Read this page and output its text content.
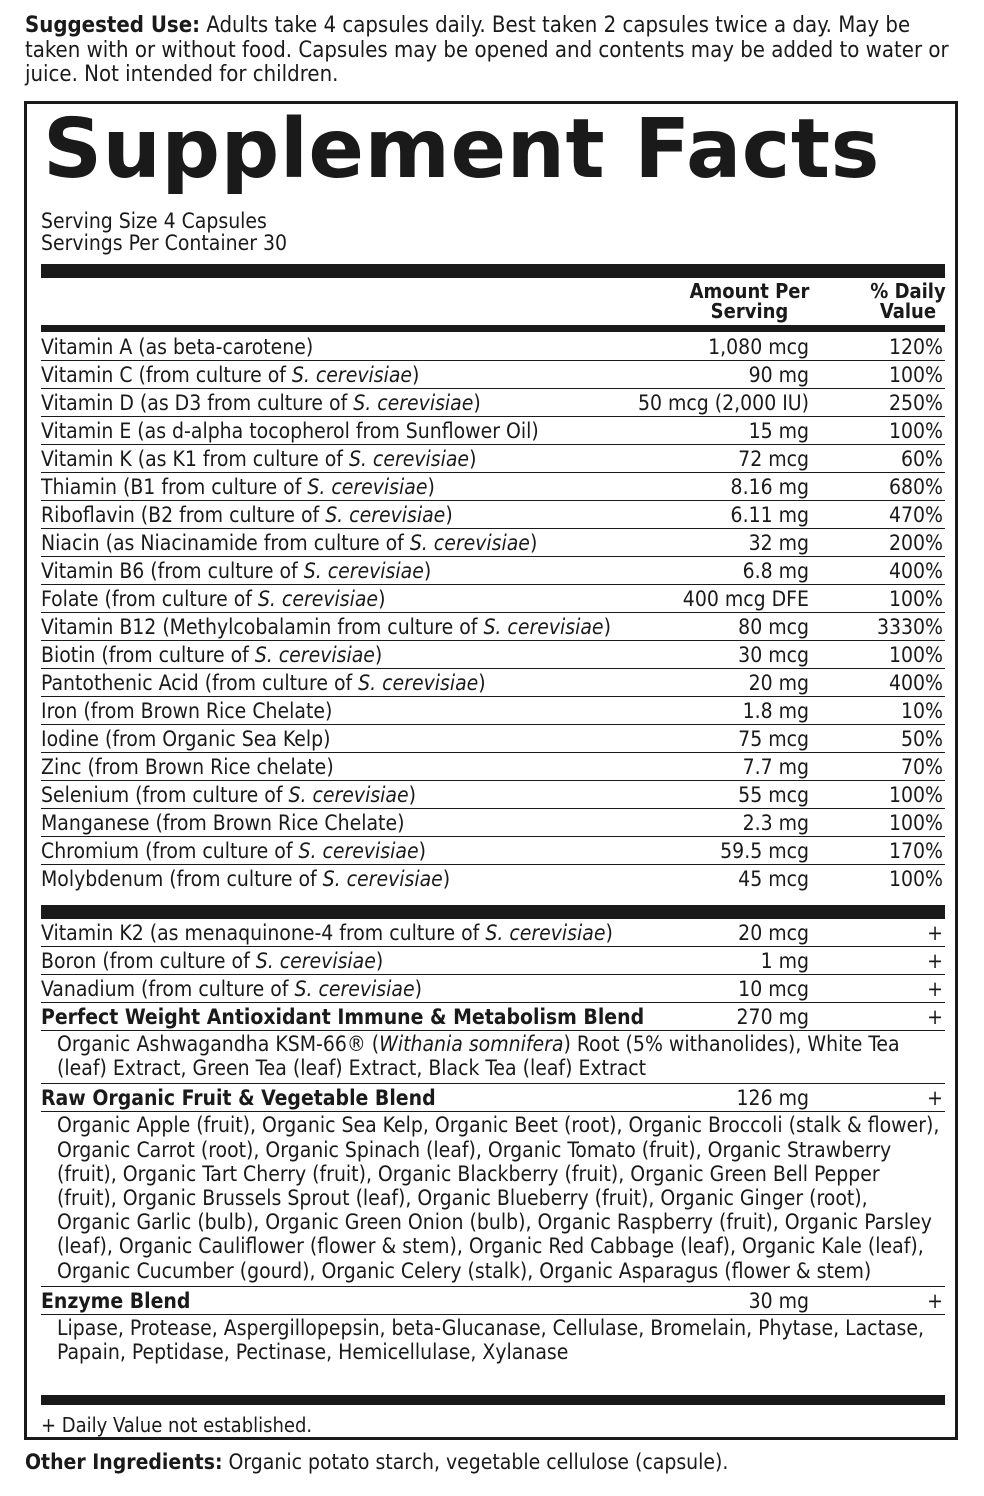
Suggested Use: Adults take 4 capsules daily. Best taken 2 capsules twice a day. May be taken with or without food. Capsules may be opened and contents may be added to water or juice. Not intended for children.
Supplement Facts
Serving Size 4 Capsules
Servings Per Container 30
Amount Per
Serving
% Daily
Value
Vitamin A (as beta-carotene)	1,080 mcg	120%
Vitamin C (from culture of S. cerevisiae)	90 mg	100%
Vitamin D (as D3 from culture of S. cerevisiae)	50 mcg (2,000 IU)	250%
Vitamin E (as d-alpha tocopherol from Sunflower Oil)	15 mg	100%
Vitamin K (as K1 from culture of S. cerevisiae)	72 mcg	60%
Thiamin (B1 from culture of S. cerevisiae)	8.16 mg	680%
Riboflavin (B2 from culture of S. cerevisiae)	6.11 mg	470%
Niacin (as Niacinamide from culture of S. cerevisiae)	32 mg	200%
Vitamin B6 (from culture of S. cerevisiae)	6.8 mg	400%
Folate (from culture of S. cerevisiae)	400 mcg DFE	100%
Vitamin B12 (Methylcobalamin from culture of S. cerevisiae)	80 mcg	3330%
Biotin (from culture of S. cerevisiae)	30 mcg	100%
Pantothenic Acid (from culture of S. cerevisiae)	20 mg	400%
Iron (from Brown Rice Chelate)	1.8 mg	10%
Iodine (from Organic Sea Kelp)	75 mcg	50%
Zinc (from Brown Rice chelate)	7.7 mg	70%
Selenium (from culture of S. cerevisiae)	55 mcg	100%
Manganese (from Brown Rice Chelate)	2.3 mg	100%
Chromium (from culture of S. cerevisiae)	59.5 mcg	170%
Molybdenum (from culture of S. cerevisiae)	45 mcg	100%
Vitamin K2 (as menaquinone-4 from culture of S. cerevisiae)	20 mcg	+
Boron (from culture of S. cerevisiae)	1 mg	+
Vanadium (from culture of S. cerevisiae)	10 mcg	+
Perfect Weight Antioxidant Immune & Metabolism Blend	270 mg	+
Organic Ashwagandha KSM-66® (Withania somnifera) Root (5% withanolides), White Tea (leaf) Extract, Green Tea (leaf) Extract, Black Tea (leaf) Extract
Raw Organic Fruit & Vegetable Blend	126 mg	+
Organic Apple (fruit), Organic Sea Kelp, Organic Beet (root), Organic Broccoli (stalk & flower), Organic Carrot (root), Organic Spinach (leaf), Organic Tomato (fruit), Organic Strawberry (fruit), Organic Tart Cherry (fruit), Organic Blackberry (fruit), Organic Green Bell Pepper (fruit), Organic Brussels Sprout (leaf), Organic Blueberry (fruit), Organic Ginger (root), Organic Garlic (bulb), Organic Green Onion (bulb), Organic Raspberry (fruit), Organic Parsley (leaf), Organic Cauliflower (flower & stem), Organic Red Cabbage (leaf), Organic Kale (leaf), Organic Cucumber (gourd), Organic Celery (stalk), Organic Asparagus (flower & stem)
Enzyme Blend	30 mg	+
Lipase, Protease, Aspergillopepsin, beta-Glucanase, Cellulase, Bromelain, Phytase, Lactase, Papain, Peptidase, Pectinase, Hemicellulase, Xylanase
+ Daily Value not established.
Other Ingredients: Organic potato starch, vegetable cellulose (capsule).
